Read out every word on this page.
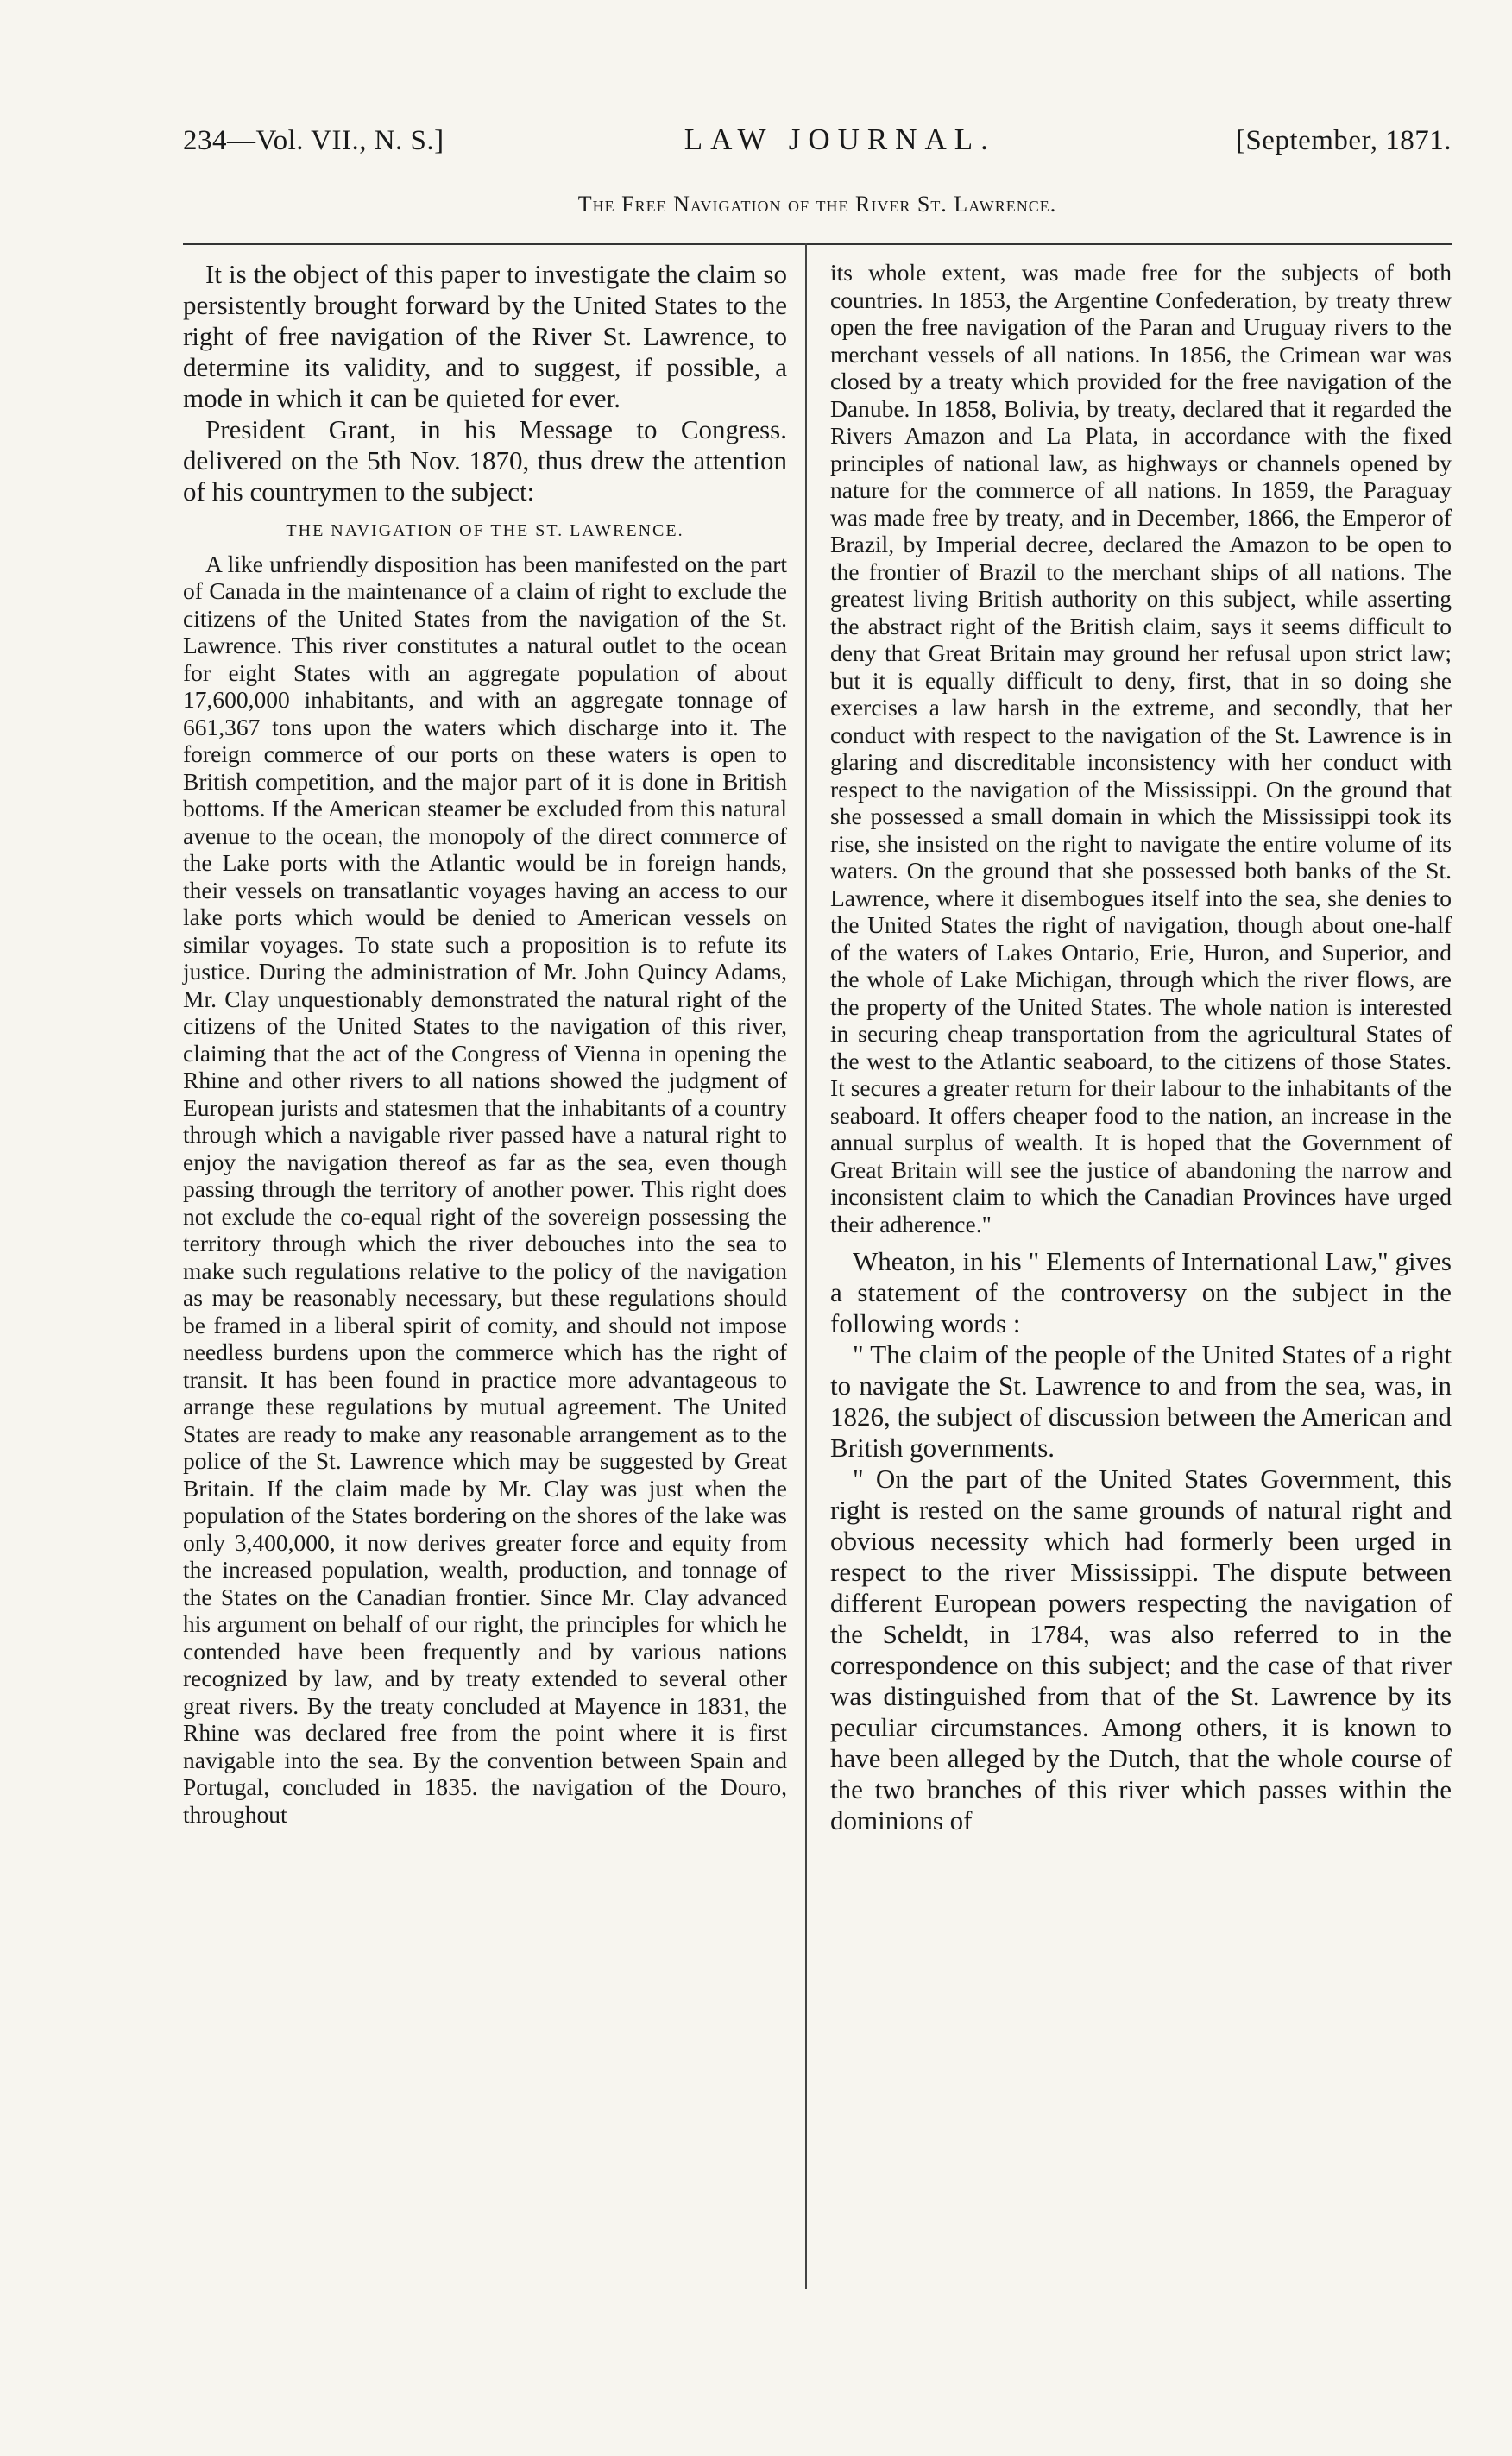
234—Vol. VII., N. S.]	LAW JOURNAL.	[September, 1871.
The Free Navigation of the River St. Lawrence.

It is the object of this paper to investigate the claim so persistently brought forward by the United States to the right of free navigation of the River St. Lawrence, to determine its validity, and to suggest, if possible, a mode in which it can be quieted for ever.

President Grant, in his Message to Congress. delivered on the 5th Nov. 1870, thus drew the attention of his countrymen to the subject:

THE NAVIGATION OF THE ST. LAWRENCE.

A like unfriendly disposition has been manifested on the part of Canada in the maintenance of a claim of right to exclude the citizens of the United States from the navigation of the St. Lawrence. This river constitutes a natural outlet to the ocean for eight States with an aggregate population of about 17,600,000 inhabitants, and with an aggregate tonnage of 661,367 tons upon the waters which discharge into it. The foreign commerce of our ports on these waters is open to British competition, and the major part of it is done in British bottoms. If the American steamer be excluded from this natural avenue to the ocean, the monopoly of the direct commerce of the Lake ports with the Atlantic would be in foreign hands, their vessels on transatlantic voyages having an access to our lake ports which would be denied to American vessels on similar voyages. To state such a proposition is to refute its justice. During the administration of Mr. John Quincy Adams, Mr. Clay unquestionably demonstrated the natural right of the citizens of the United States to the navigation of this river, claiming that the act of the Congress of Vienna in opening the Rhine and other rivers to all nations showed the judgment of European jurists and statesmen that the inhabitants of a country through which a navigable river passed have a natural right to enjoy the navigation thereof as far as the sea, even though passing through the territory of another power. This right does not exclude the co-equal right of the sovereign possessing the territory through which the river debouches into the sea to make such regulations relative to the policy of the navigation as may be reasonably necessary, but these regulations should be framed in a liberal spirit of comity, and should not impose needless burdens upon the commerce which has the right of transit. It has been found in practice more advantageous to arrange these regulations by mutual agreement. The United States are ready to make any reasonable arrangement as to the police of the St. Lawrence which may be suggested by Great Britain. If the claim made by Mr. Clay was just when the population of the States bordering on the shores of the lake was only 3,400,000, it now derives greater force and equity from the increased population, wealth, production, and tonnage of the States on the Canadian frontier. Since Mr. Clay advanced his argument on behalf of our right, the principles for which he contended have been frequently and by various nations recognized by law, and by treaty extended to several other great rivers. By the treaty concluded at Mayence in 1831, the Rhine was declared free from the point where it is first navigable into the sea. By the convention between Spain and Portugal, concluded in 1835. the navigation of the Douro, throughout

its whole extent, was made free for the subjects of both countries. In 1853, the Argentine Confederation, by treaty threw open the free navigation of the Paran and Uruguay rivers to the merchant vessels of all nations. In 1856, the Crimean war was closed by a treaty which provided for the free navigation of the Danube. In 1858, Bolivia, by treaty, declared that it regarded the Rivers Amazon and La Plata, in accordance with the fixed principles of national law, as highways or channels opened by nature for the commerce of all nations. In 1859, the Paraguay was made free by treaty, and in December, 1866, the Emperor of Brazil, by Imperial decree, declared the Amazon to be open to the frontier of Brazil to the merchant ships of all nations. The greatest living British authority on this subject, while asserting the abstract right of the British claim, says it seems difficult to deny that Great Britain may ground her refusal upon strict law; but it is equally difficult to deny, first, that in so doing she exercises a law harsh in the extreme, and secondly, that her conduct with respect to the navigation of the St. Lawrence is in glaring and discreditable inconsistency with her conduct with respect to the navigation of the Mississippi. On the ground that she possessed a small domain in which the Mississippi took its rise, she insisted on the right to navigate the entire volume of its waters. On the ground that she possessed both banks of the St. Lawrence, where it disembogues itself into the sea, she denies to the United States the right of navigation, though about one-half of the waters of Lakes Ontario, Erie, Huron, and Superior, and the whole of Lake Michigan, through which the river flows, are the property of the United States. The whole nation is interested in securing cheap transportation from the agricultural States of the west to the Atlantic seaboard, to the citizens of those States. It secures a greater return for their labour to the inhabitants of the seaboard. It offers cheaper food to the nation, an increase in the annual surplus of wealth. It is hoped that the Government of Great Britain will see the justice of abandoning the narrow and inconsistent claim to which the Canadian Provinces have urged their adherence."

Wheaton, in his " Elements of International Law," gives a statement of the controversy on the subject in the following words :

" The claim of the people of the United States of a right to navigate the St. Lawrence to and from the sea, was, in 1826, the subject of discussion between the American and British governments.

" On the part of the United States Government, this right is rested on the same grounds of natural right and obvious necessity which had formerly been urged in respect to the river Mississippi. The dispute between different European powers respecting the navigation of the Scheldt, in 1784, was also referred to in the correspondence on this subject; and the case of that river was distinguished from that of the St. Lawrence by its peculiar circumstances. Among others, it is known to have been alleged by the Dutch, that the whole course of the two branches of this river which passes within the dominions of
